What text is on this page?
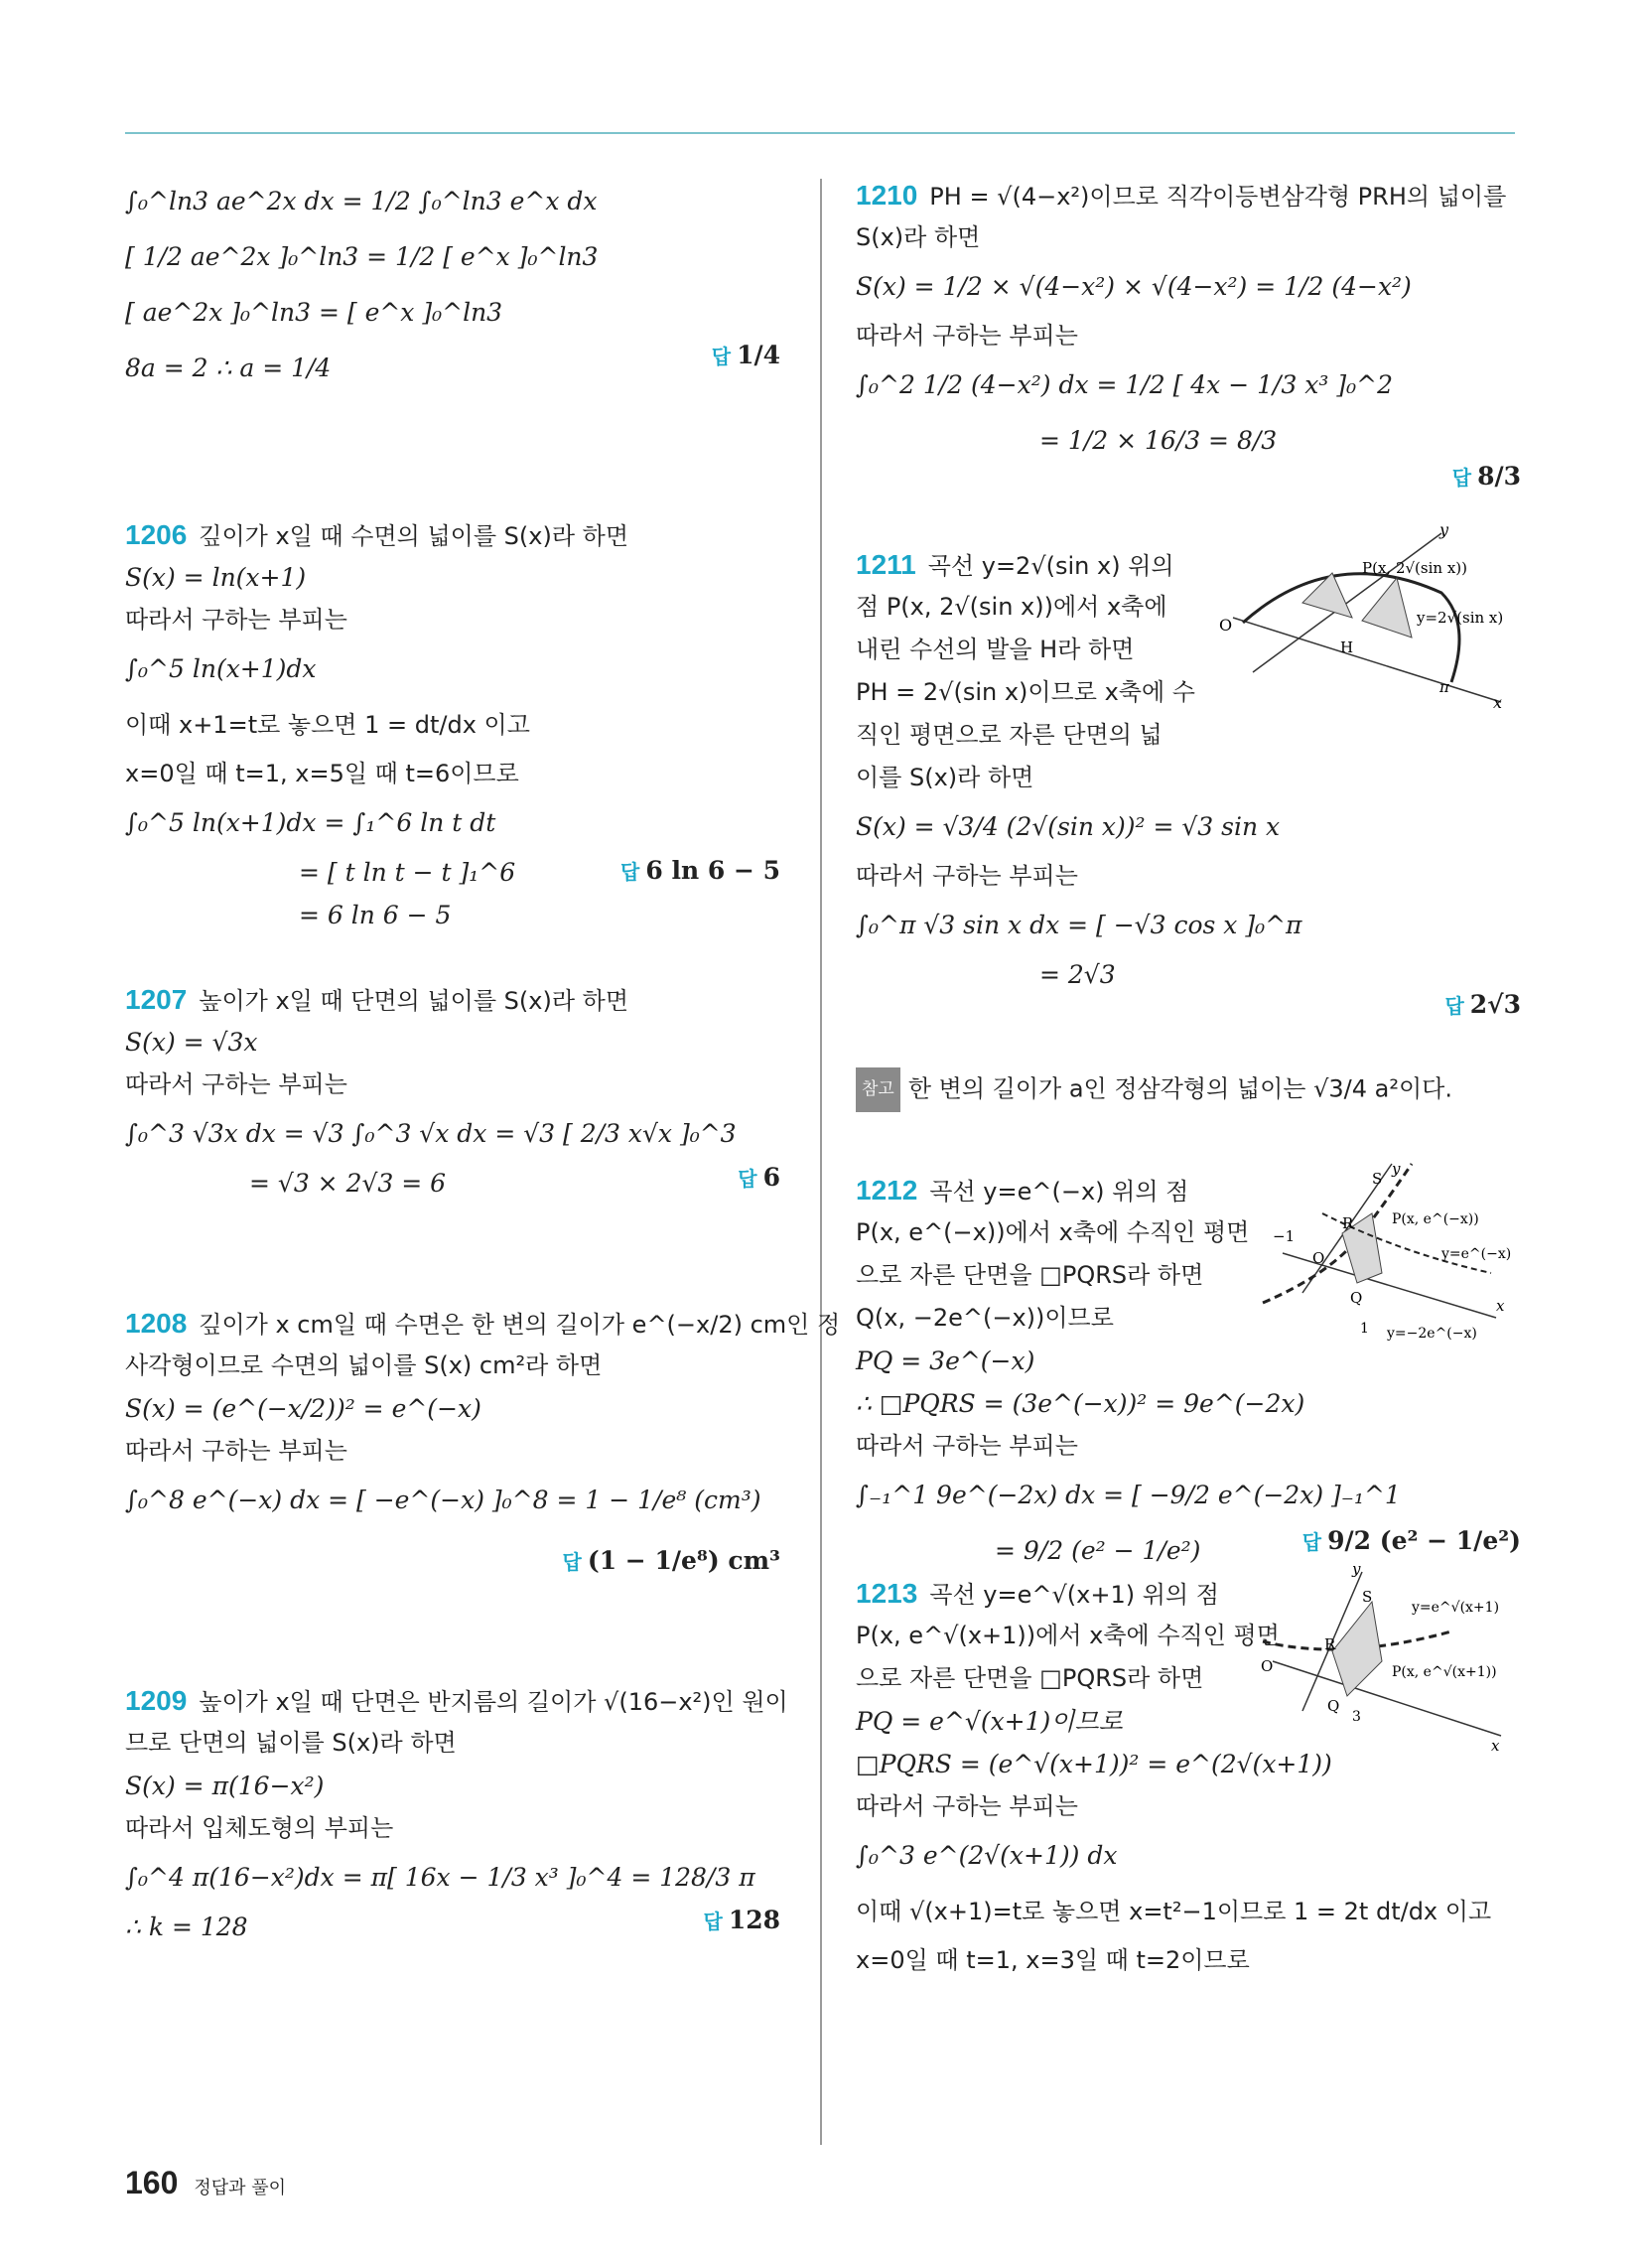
∫₀^ln3 ae^2x dx = 1/2 ∫₀^ln3 e^x dx
[ 1/2 ae^2x ]₀^ln3 = 1/2 [ e^x ]₀^ln3
[ ae^2x ]₀^ln3 = [ e^x ]₀^ln3
8a = 2 ∴ a = 1/4	답 1/4
1206 깊이가 x일 때 수면의 넓이를 S(x)라 하면
S(x) = ln(x+1)
따라서 구하는 부피는
∫₀^5 ln(x+1)dx
이때 x+1=t로 놓으면 1 = dt/dx 이고
x=0일 때 t=1, x=5일 때 t=6이므로
∫₀^5 ln(x+1)dx = ∫₁^6 ln t dt
= [ t ln t − t ]₁^6
= 6 ln 6 − 5
답 6 ln 6 − 5
1207 높이가 x일 때 단면의 넓이를 S(x)라 하면
S(x) = √3x
따라서 구하는 부피는
∫₀^3 √3x dx = √3 ∫₀^3 √x dx = √3 [ 2/3 x√x ]₀^3
= √3 × 2√3 = 6	답 6
1208 깊이가 x cm일 때 수면은 한 변의 길이가 e^(−x/2) cm인 정
사각형이므로 수면의 넓이를 S(x) cm²라 하면
S(x) = (e^(−x/2))² = e^(−x)
따라서 구하는 부피는
∫₀^8 e^(−x) dx = [ −e^(−x) ]₀^8 = 1 − 1/e⁸ (cm³)
답 (1 − 1/e⁸) cm³
1209 높이가 x일 때 단면은 반지름의 길이가 √(16−x²)인 원이
므로 단면의 넓이를 S(x)라 하면
S(x) = π(16−x²)
따라서 입체도형의 부피는
∫₀^4 π(16−x²)dx = π[ 16x − 1/3 x³ ]₀^4 = 128/3 π
∴ k = 128	답 128
1210 PH = √(4−x²)이므로 직각이등변삼각형 PRH의 넓이를
S(x)라 하면
S(x) = 1/2 × √(4−x²) × √(4−x²) = 1/2 (4−x²)
따라서 구하는 부피는
∫₀^2 1/2 (4−x²) dx = 1/2 [ 4x − 1/3 x³ ]₀^2
= 1/2 × 16/3 = 8/3
답 8/3
1211 곡선 y=2√(sin x) 위의
점 P(x, 2√(sin x))에서 x축에
내린 수선의 발을 H라 하면
PH = 2√(sin x)이므로 x축에 수
직인 평면으로 자른 단면의 넓
이를 S(x)라 하면
S(x) = √3/4 (2√(sin x))² = √3 sin x
따라서 구하는 부피는
∫₀^π √3 sin x dx = [ −√3 cos x ]₀^π
= 2√3
답 2√3
y
x
O
P(x, 2√(sin x))
H
π
y=2√(sin x)
참고 한 변의 길이가 a인 정삼각형의 넓이는 √3/4 a²이다.
1212 곡선 y=e^(−x) 위의 점
P(x, e^(−x))에서 x축에 수직인 평면
으로 자른 단면을 □PQRS라 하면
Q(x, −2e^(−x))이므로
PQ = 3e^(−x)
∴ □PQRS = (3e^(−x))² = 9e^(−2x)
따라서 구하는 부피는
∫₋₁^1 9e^(−2x) dx = [ −9/2 e^(−2x) ]₋₁^1
= 9/2 (e² − 1/e²)	답 9/2 (e² − 1/e²)
S
y
R
−1
O
Q
1
x
P(x, e^(−x))
y=e^(−x)
y=−2e^(−x)
1213 곡선 y=e^√(x+1) 위의 점
P(x, e^√(x+1))에서 x축에 수직인 평면
으로 자른 단면을 □PQRS라 하면
PQ = e^√(x+1)이므로
□PQRS = (e^√(x+1))² = e^(2√(x+1))
따라서 구하는 부피는
∫₀^3 e^(2√(x+1)) dx
이때 √(x+1)=t로 놓으면 x=t²−1이므로 1 = 2t dt/dx 이고
x=0일 때 t=1, x=3일 때 t=2이므로
y
S
y=e^√(x+1)
R
O	P(x, e^√(x+1))
Q
3
x
160 정답과 풀이
